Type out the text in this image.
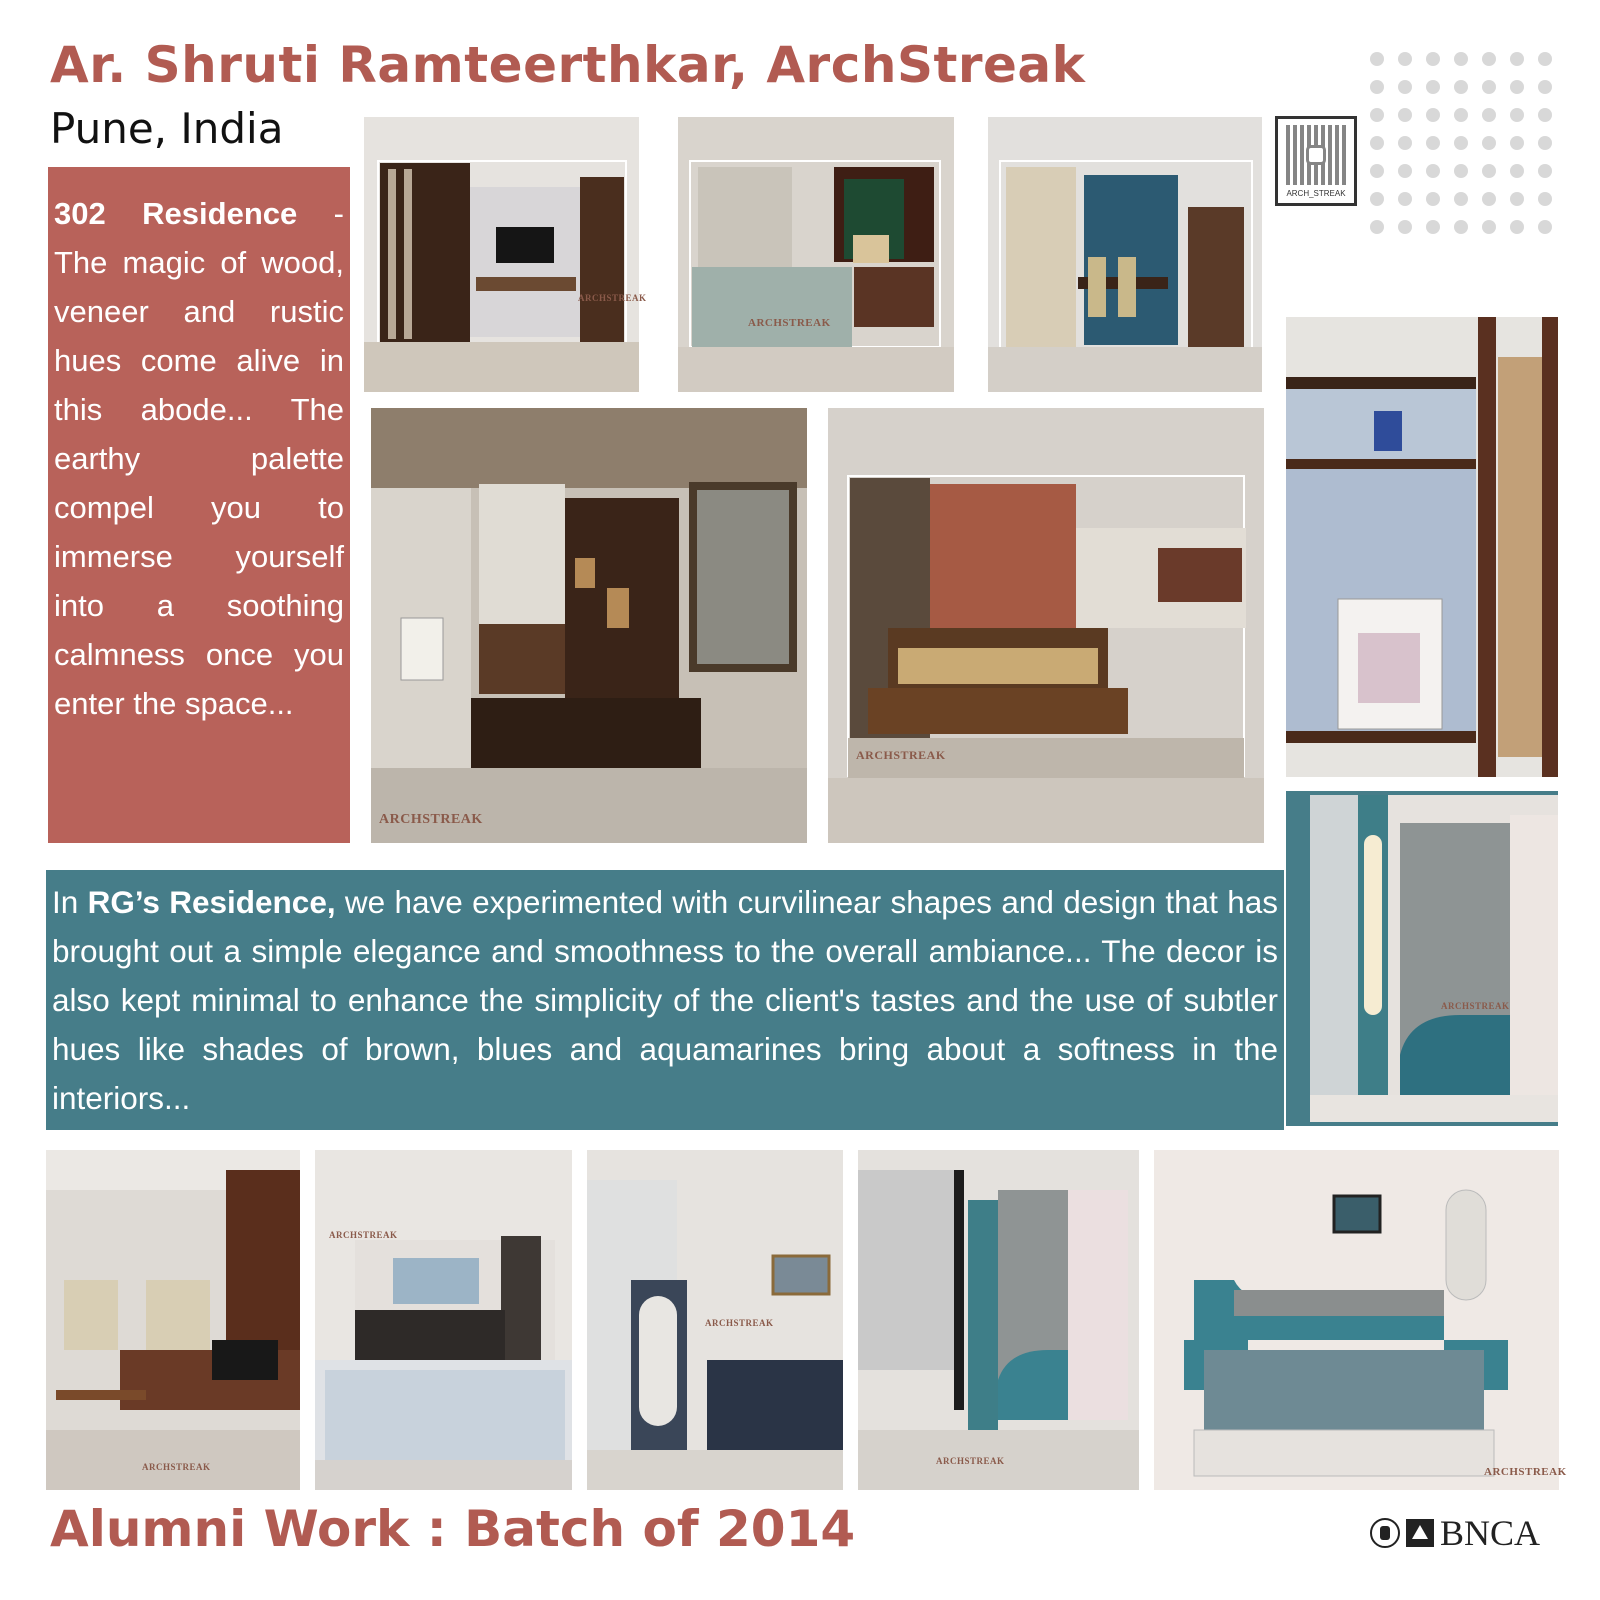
Ar. Shruti Ramteerthkar, ArchStreak
Pune, India
ARCH_STREAK
302 Residence - The magic of wood, veneer and rustic hues come alive in this abode... The earthy palette compel you to immerse yourself into a soothing calmness once you enter the space...
ARCHSTREAK
ARCHSTREAK
ARCHSTREAK
ARCHSTREAK
ARCHSTREAK
In RG’s Residence, we have experimented with curvilinear shapes and design that has brought out a simple elegance and smoothness to the overall ambiance... The decor is also kept minimal to enhance the simplicity of the client's tastes and the use of subtler hues like shades of brown, blues and aquamarines bring about a softness in the interiors...
ARCHSTREAK
ARCHSTREAK
ARCHSTREAK
ARCHSTREAK
ARCHSTREAK
Alumni Work : Batch of 2014	BNCA
